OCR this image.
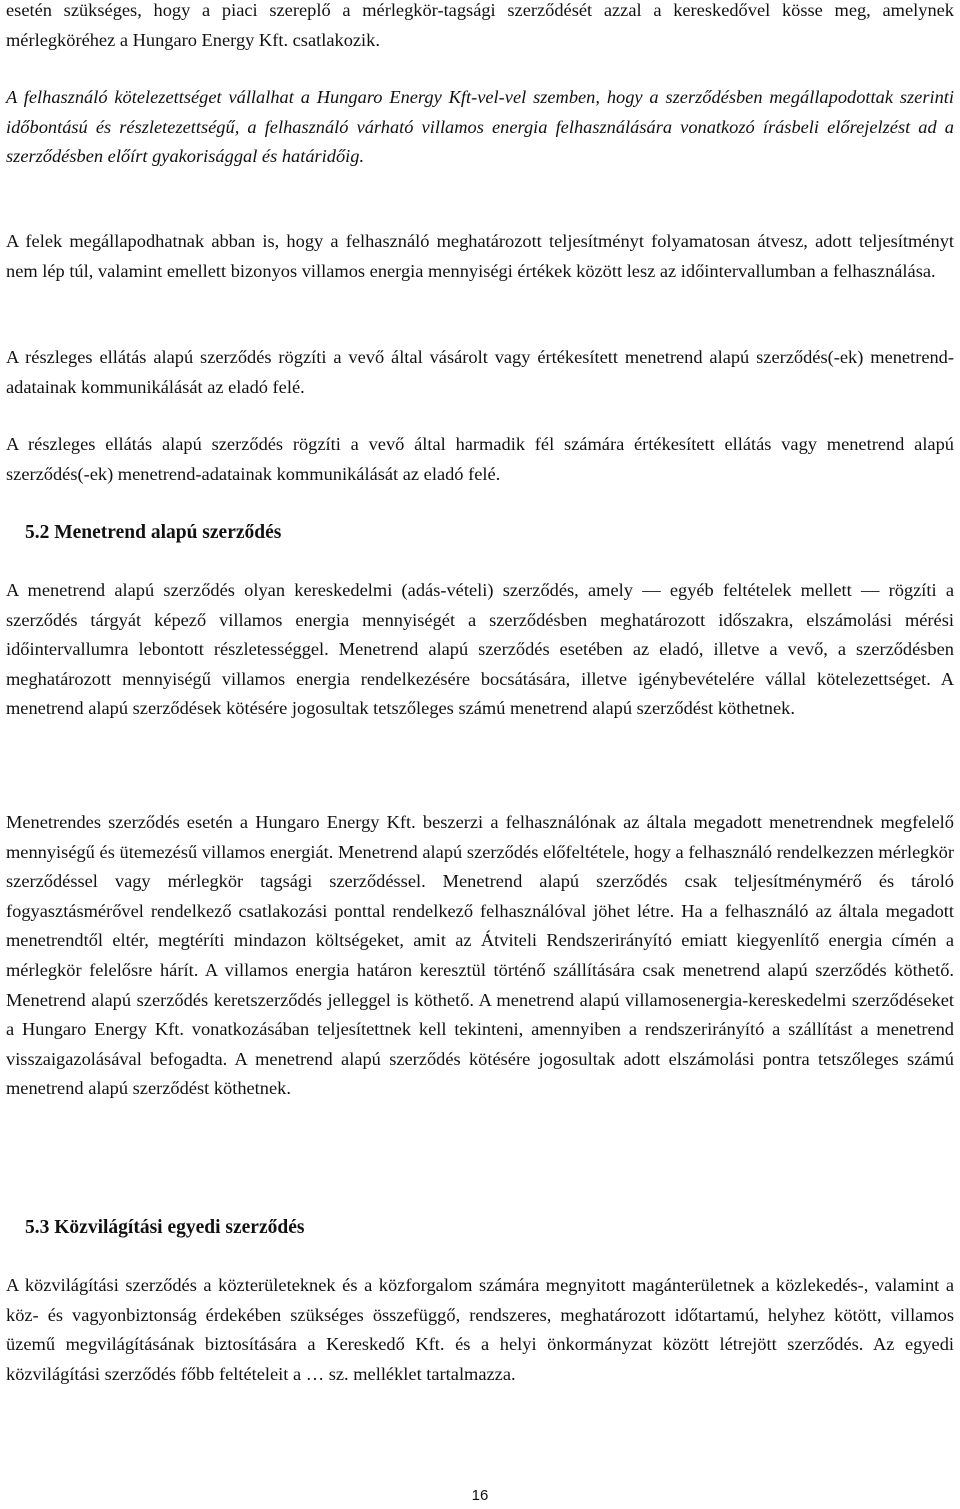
esetén szükséges, hogy a piaci szereplő a mérlegkör-tagsági szerződését azzal a kereskedővel kösse meg, amelynek mérlegköréhez a Hungaro Energy Kft. csatlakozik.

A felhasználó kötelezettséget vállalhat a Hungaro Energy Kft-vel-vel szemben, hogy a szerződésben megállapodottak szerinti időbontású és részletezettségű, a felhasználó várható villamos energia felhasználására vonatkozó írásbeli előrejelzést ad a szerződésben előírt gyakorisággal és határidőig.

A felek megállapodhatnak abban is, hogy a felhasználó meghatározott teljesítményt folyamatosan átvesz, adott teljesítményt nem lép túl, valamint emellett bizonyos villamos energia mennyiségi értékek között lesz az időintervallumban a felhasználása.

A részleges ellátás alapú szerződés rögzíti a vevő által vásárolt vagy értékesített menetrend alapú szerződés(-ek) menetrend-adatainak kommunikálását az eladó felé.

A részleges ellátás alapú szerződés rögzíti a vevő által harmadik fél számára értékesített ellátás vagy menetrend alapú szerződés(-ek) menetrend-adatainak kommunikálását az eladó felé.

5.2 Menetrend alapú szerződés

A menetrend alapú szerződés olyan kereskedelmi (adás-vételi) szerződés, amely ― egyéb feltételek mellett ― rögzíti a szerződés tárgyát képező villamos energia mennyiségét a szerződésben meghatározott időszakra, elszámolási mérési időintervallumra lebontott részletességgel. Menetrend alapú szerződés esetében az eladó, illetve a vevő, a szerződésben meghatározott mennyiségű villamos energia rendelkezésére bocsátására, illetve igénybevételére vállal kötelezettséget. A menetrend alapú szerződések kötésére jogosultak tetszőleges számú menetrend alapú szerződést köthetnek.

Menetrendes szerződés esetén a Hungaro Energy Kft. beszerzi a felhasználónak az általa megadott menetrendnek megfelelő mennyiségű és ütemezésű villamos energiát. Menetrend alapú szerződés előfeltétele, hogy a felhasználó rendelkezzen mérlegkör szerződéssel vagy mérlegkör tagsági szerződéssel. Menetrend alapú szerződés csak teljesítménymérő és tároló fogyasztásmérővel rendelkező csatlakozási ponttal rendelkező felhasználóval jöhet létre. Ha a felhasználó az általa megadott menetrendtől eltér, megtéríti mindazon költségeket, amit az Átviteli Rendszerirányító emiatt kiegyenlítő energia címén a mérlegkör felelősre hárít. A villamos energia határon keresztül történő szállítására csak menetrend alapú szerződés köthető. Menetrend alapú szerződés keretszerződés jelleggel is köthető. A menetrend alapú villamosenergia-kereskedelmi szerződéseket a Hungaro Energy Kft. vonatkozásában teljesítettnek kell tekinteni, amennyiben a rendszerirányító a szállítást a menetrend visszaigazolásával befogadta. A menetrend alapú szerződés kötésére jogosultak adott elszámolási pontra tetszőleges számú menetrend alapú szerződést köthetnek.

5.3 Közvilágítási egyedi szerződés

A közvilágítási szerződés a közterületeknek és a közforgalom számára megnyitott magánterületnek a közlekedés-, valamint a köz- és vagyonbiztonság érdekében szükséges összefüggő, rendszeres, meghatározott időtartamú, helyhez kötött, villamos üzemű megvilágításának biztosítására a Kereskedő Kft. és a helyi önkormányzat között létrejött szerződés. Az egyedi közvilágítási szerződés főbb feltételeit a … sz. melléklet tartalmazza.

16
